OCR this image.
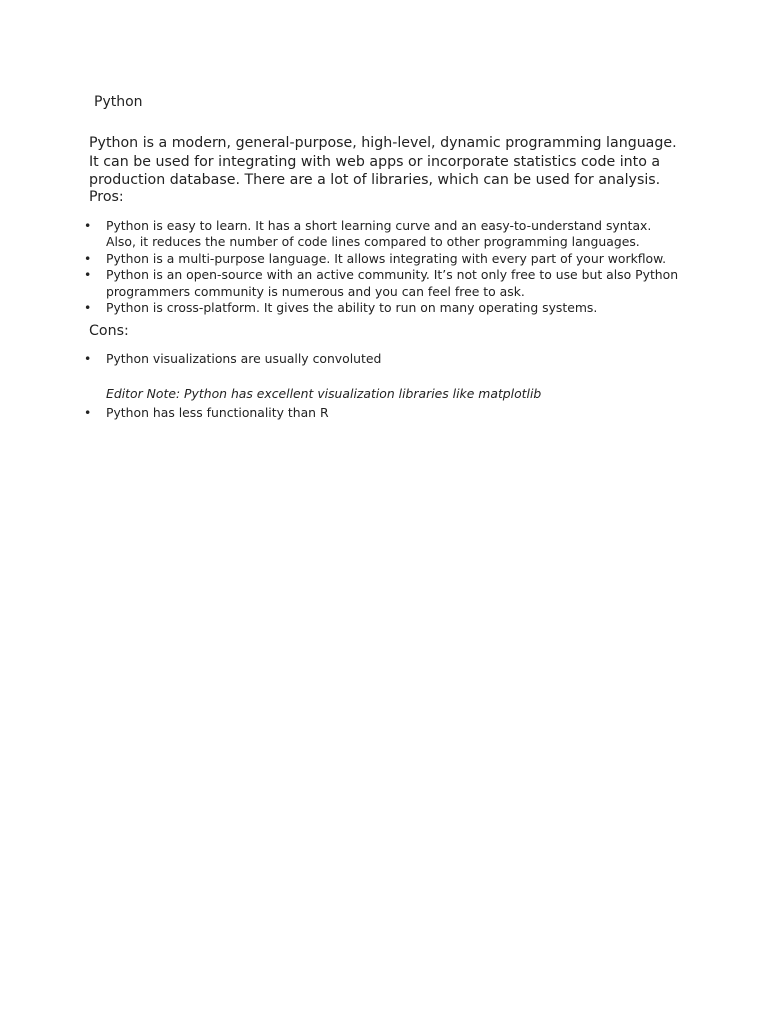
Python

Python is a modern, general-purpose, high-level, dynamic programming language. It can be used for integrating with web apps or incorporate statistics code into a production database. There are a lot of libraries, which can be used for analysis.

Pros:

• Python is easy to learn. It has a short learning curve and an easy-to-understand syntax. Also, it reduces the number of code lines compared to other programming languages.
• Python is a multi-purpose language. It allows integrating with every part of your workflow.
• Python is an open-source with an active community. It’s not only free to use but also Python programmers community is numerous and you can feel free to ask.
• Python is cross-platform. It gives the ability to run on many operating systems.

Cons:

• Python visualizations are usually convoluted

Editor Note: Python has excellent visualization libraries like matplotlib

• Python has less functionality than R
